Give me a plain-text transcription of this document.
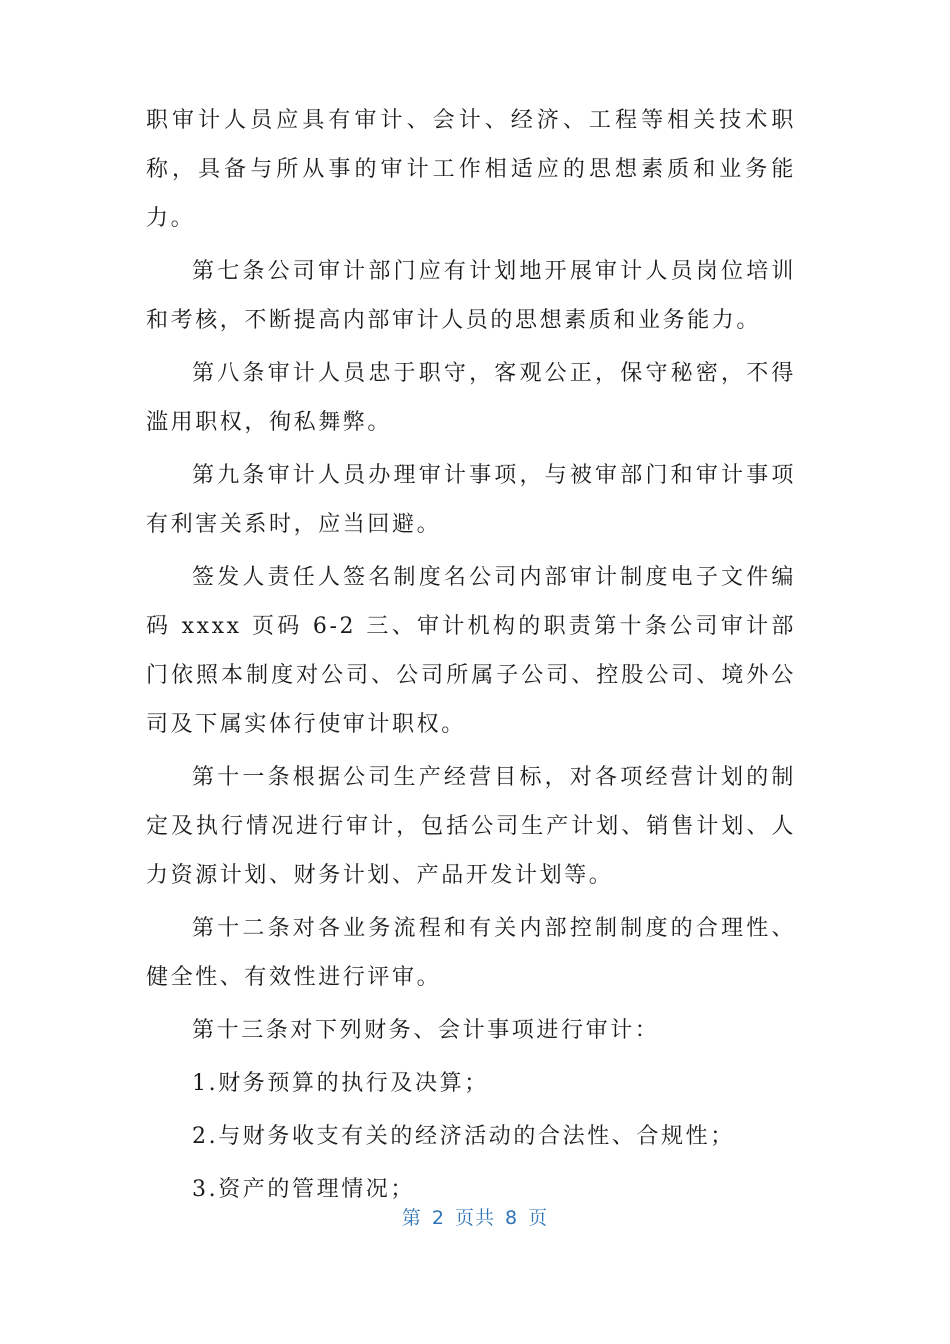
职审计人员应具有审计、会计、经济、工程等相关技术职称，具备与所从事的审计工作相适应的思想素质和业务能力。

第七条公司审计部门应有计划地开展审计人员岗位培训和考核，不断提高内部审计人员的思想素质和业务能力。

第八条审计人员忠于职守，客观公正，保守秘密，不得滥用职权，徇私舞弊。

第九条审计人员办理审计事项，与被审部门和审计事项有利害关系时，应当回避。

签发人责任人签名制度名公司内部审计制度电子文件编码 xxxx 页码 6-2 三、审计机构的职责第十条公司审计部门依照本制度对公司、公司所属子公司、控股公司、境外公司及下属实体行使审计职权。

第十一条根据公司生产经营目标，对各项经营计划的制定及执行情况进行审计，包括公司生产计划、销售计划、人力资源计划、财务计划、产品开发计划等。

第十二条对各业务流程和有关内部控制制度的合理性、健全性、有效性进行评审。

第十三条对下列财务、会计事项进行审计：

1.财务预算的执行及决算；

2.与财务收支有关的经济活动的合法性、合规性；

3.资产的管理情况；

第 2 页共 8 页
